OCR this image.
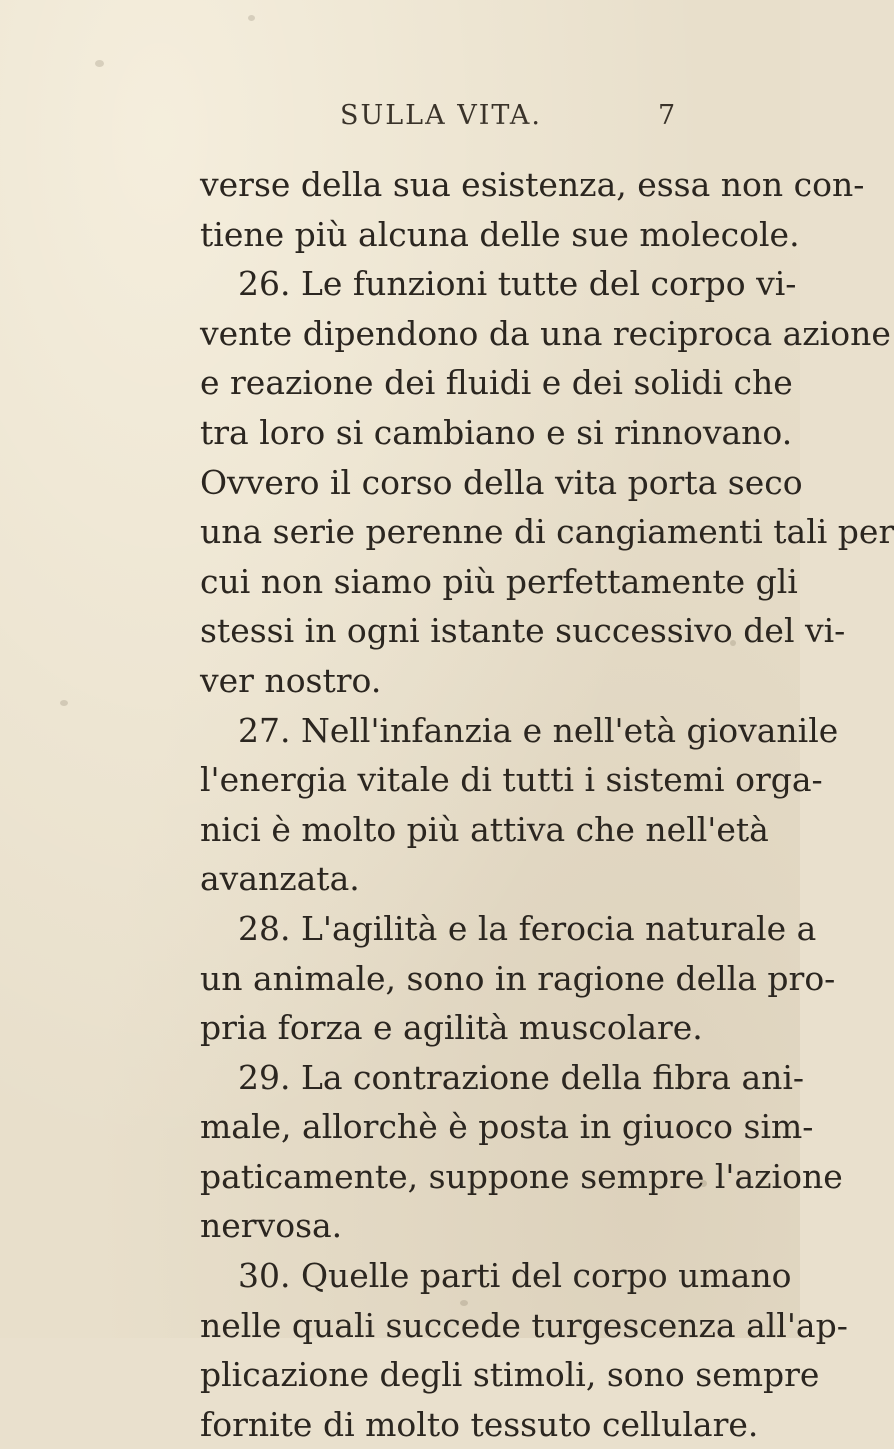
SULLA VITA.	7
verse della sua esistenza, essa non con-
tiene più alcuna delle sue molecole.
26. Le funzioni tutte del corpo vi-
vente dipendono da una reciproca azione
e reazione dei fluidi e dei solidi che
tra loro si cambiano e si rinnovano.
Ovvero il corso della vita porta seco
una serie perenne di cangiamenti tali per
cui non siamo più perfettamente gli
stessi in ogni istante successivo del vi-
ver nostro.
27. Nell'infanzia e nell'età giovanile
l'energia vitale di tutti i sistemi orga-
nici è molto più attiva che nell'età
avanzata.
28. L'agilità e la ferocia naturale a
un animale, sono in ragione della pro-
pria forza e agilità muscolare.
29. La contrazione della fibra ani-
male, allorchè è posta in giuoco sim-
paticamente, suppone sempre l'azione
nervosa.
30. Quelle parti del corpo umano
nelle quali succede turgescenza all'ap-
plicazione degli stimoli, sono sempre
fornite di molto tessuto cellulare.
